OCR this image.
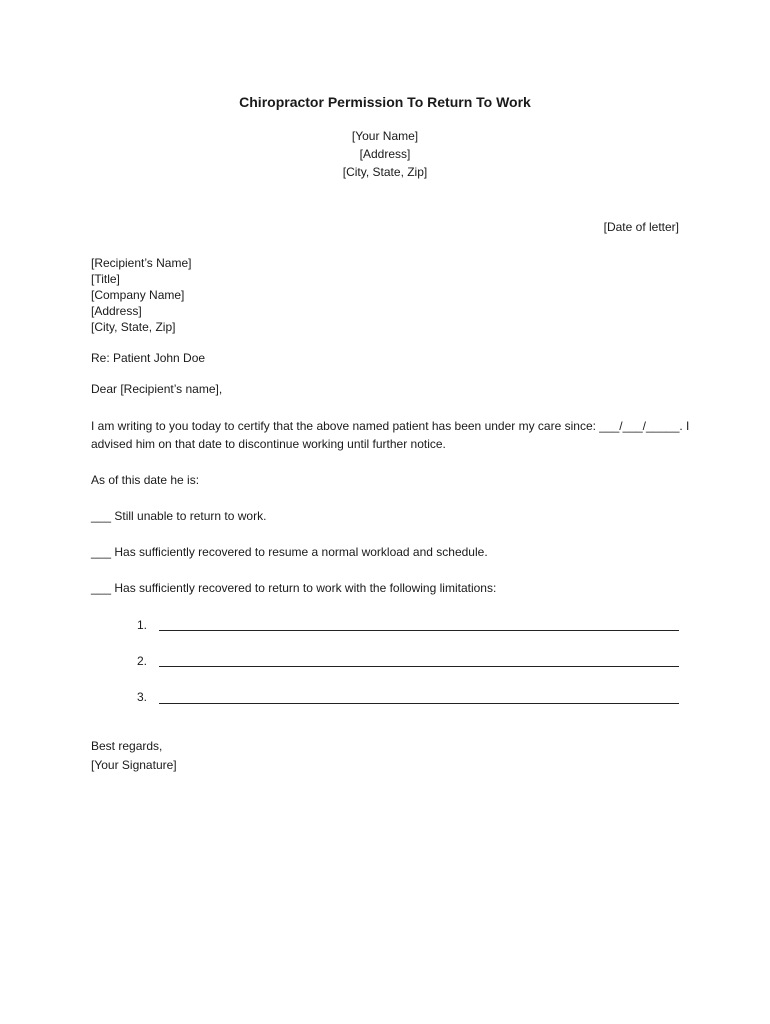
Chiropractor Permission To Return To Work
[Your Name]
[Address]
[City, State, Zip]
[Date of letter]
[Recipient’s Name]
[Title]
[Company Name]
[Address]
[City, State, Zip]
Re: Patient John Doe
Dear [Recipient’s name],
I am writing to you today to certify that the above named patient has been under my care since: ___/___/_____. I
advised him on that date to discontinue working until further notice.
As of this date he is:
___ Still unable to return to work.
___ Has sufficiently recovered to resume a normal workload and schedule.
___ Has sufficiently recovered to return to work with the following limitations:
1.
2.
3.
Best regards,
[Your Signature]
